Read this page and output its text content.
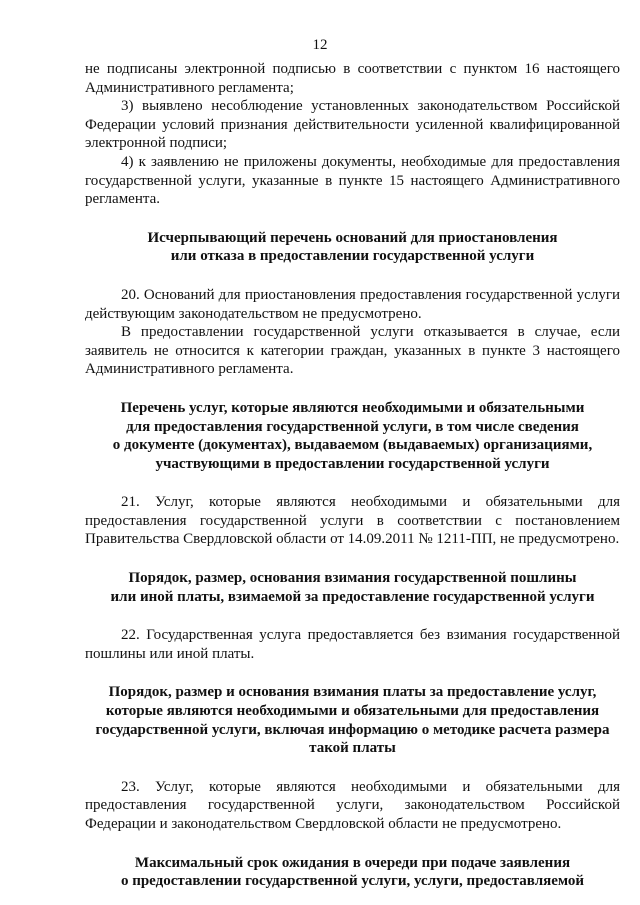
12

не подписаны электронной подписью в соответствии с пунктом 16 настоящего Административного регламента;

3) выявлено несоблюдение установленных законодательством Российской Федерации условий признания действительности усиленной квалифицированной электронной подписи;

4) к заявлению не приложены документы, необходимые для предоставления государственной услуги, указанные в пункте 15 настоящего Административного регламента.

Исчерпывающий перечень оснований для приостановления
или отказа в предоставлении государственной услуги

20. Оснований для приостановления предоставления государственной услуги действующим законодательством не предусмотрено.

В предоставлении государственной услуги отказывается в случае, если заявитель не относится к категории граждан, указанных в пункте 3 настоящего Административного регламента.

Перечень услуг, которые являются необходимыми и обязательными
для предоставления государственной услуги, в том числе сведения
о документе (документах), выдаваемом (выдаваемых) организациями,
участвующими в предоставлении государственной услуги

21. Услуг, которые являются необходимыми и обязательными для предоставления государственной услуги в соответствии с постановлением Правительства Свердловской области от 14.09.2011 № 1211-ПП, не предусмотрено.

Порядок, размер, основания взимания государственной пошлины
или иной платы, взимаемой за предоставление государственной услуги

22. Государственная услуга предоставляется без взимания государственной пошлины или иной платы.

Порядок, размер и основания взимания платы за предоставление услуг,
которые являются необходимыми и обязательными для предоставления
государственной услуги, включая информацию о методике расчета размера
такой платы

23. Услуг, которые являются необходимыми и обязательными для предоставления государственной услуги, законодательством Российской Федерации и законодательством Свердловской области не предусмотрено.

Максимальный срок ожидания в очереди при подаче заявления
о предоставлении государственной услуги, услуги, предоставляемой
